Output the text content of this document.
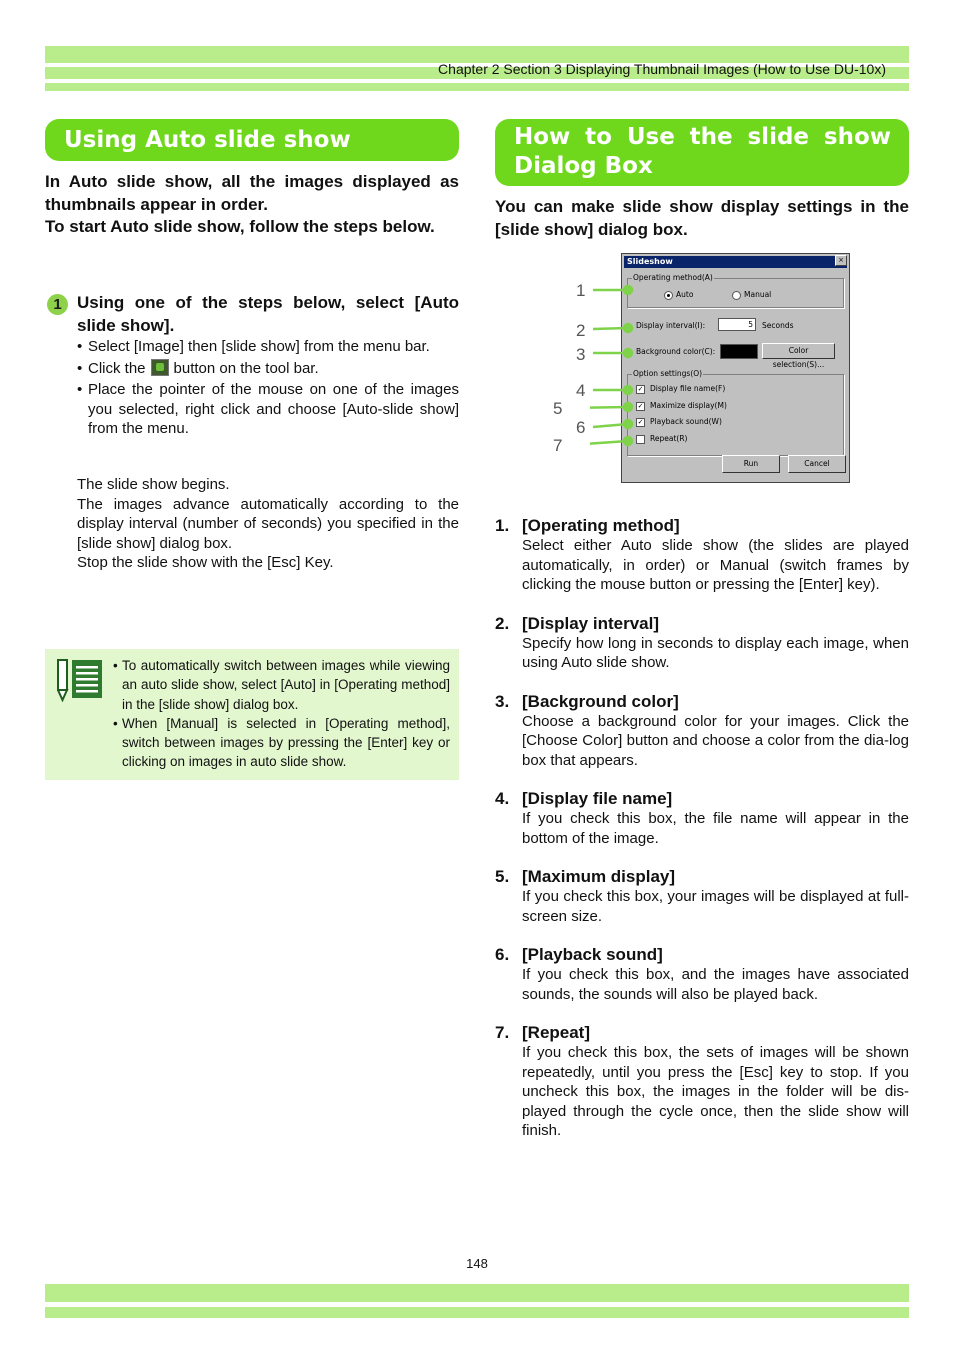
Chapter 2 Section 3 Displaying Thumbnail Images (How to Use DU-10x)
Using Auto slide show
In Auto slide show, all the images displayed as thumbnails appear in order.
To start Auto slide show, follow the steps below.
1 Using one of the steps below, select [Auto slide show].
• Select [Image] then [slide show] from the menu bar.
• Click the button on the tool bar.
• Place the pointer of the mouse on one of the images you selected, right click and choose [Auto-slide show] from the menu.
The slide show begins.
The images advance automatically according to the display interval (number of seconds) you specified in the [slide show] dialog box.
Stop the slide show with the [Esc] Key.
• To automatically switch between images while viewing an auto slide show, select [Auto] in [Operating method] in the [slide show] dialog box.
• When [Manual] is selected in [Operating method], switch between images by pressing the [Enter] key or clicking on images in auto slide show.
How to Use the slide show
Dialog Box
You can make slide show display settings in the [slide show] dialog box.
1
2
3
4
5
6
7
Slideshow	×
Operating method(A)
Auto	Manual
Display interval(I):	5	Seconds
Background color(C):	Color selection(S)...
Option settings(O)
✓ Display file name(F)
✓ Maximize display(M)
✓ Playback sound(W)
Repeat(R)
Run	Cancel
1. [Operating method]
Select either Auto slide show (the slides are played automatically, in order) or Manual (switch frames by clicking the mouse button or pressing the [Enter] key).
2. [Display interval]
Specify how long in seconds to display each image, when using Auto slide show.
3. [Background color]
Choose a background color for your images. Click the [Choose Color] button and choose a color from the dia-log box that appears.
4. [Display file name]
If you check this box, the file name will appear in the bottom of the image.
5. [Maximum display]
If you check this box, your images will be displayed at full-screen size.
6. [Playback sound]
If you check this box, and the images have associated sounds, the sounds will also be played back.
7. [Repeat]
If you check this box, the sets of images will be shown repeatedly, until you press the [Esc] key to stop. If you uncheck this box, the images in the folder will be dis-played through the cycle once, then the slide show will finish.
148
